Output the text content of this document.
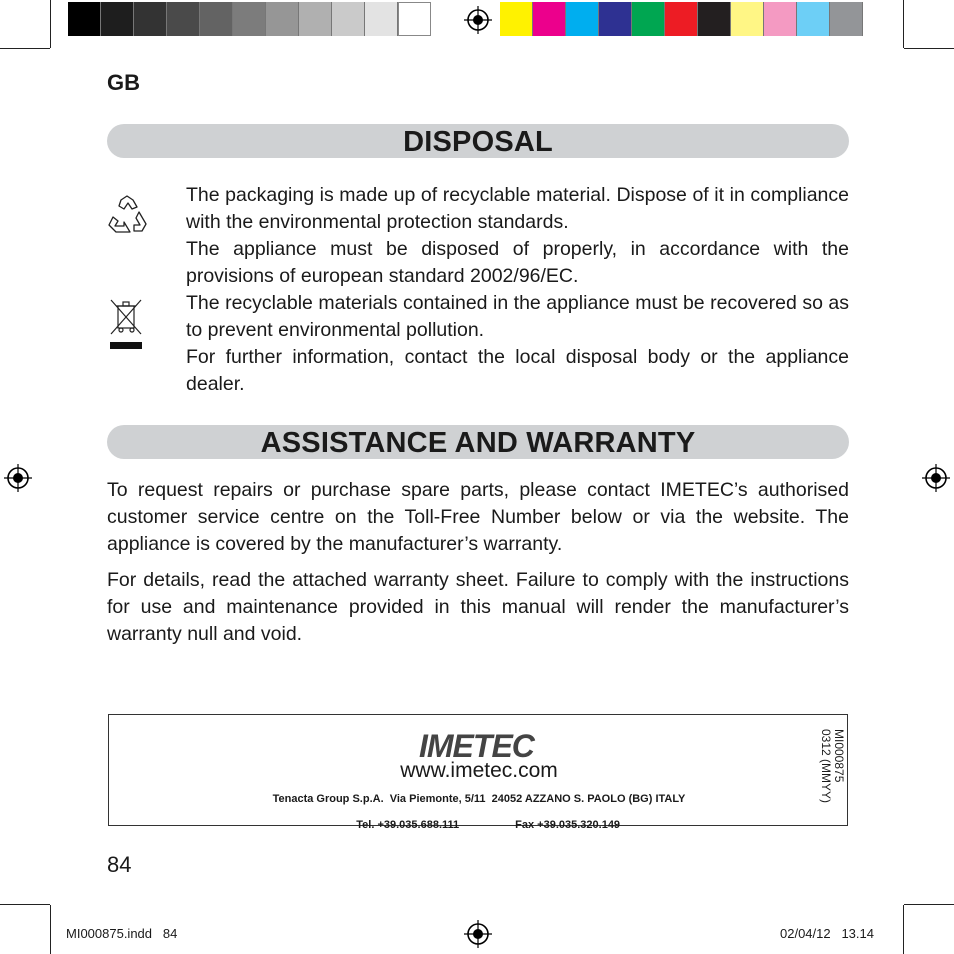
GB
DISPOSAL

The packaging is made up of recyclable material. Dispose of it in compliance with the environmental protection standards.

The appliance must be disposed of properly, in accordance with the provisions of european standard 2002/96/EC.

The recyclable materials contained in the appliance must be recovered so as to prevent environmental pollution.

For further information, contact the local disposal body or the appliance dealer.

ASSISTANCE AND WARRANTY

To request repairs or purchase spare parts, please contact IMETEC’s authorised customer service centre on the Toll-Free Number below or via the website. The appliance is covered by the manufacturer’s warranty.

For details, read the attached warranty sheet. Failure to comply with the instructions for use and maintenance provided in this manual will render the manufacturer’s warranty null and void.

IMETEC
www.imetec.com
Tenacta Group S.p.A.  Via Piemonte, 5/11  24052 AZZANO S. PAOLO (BG) ITALY

Tel. +39.035.688.111	Fax +39.035.320.149

MI000875
0312 (MMYY)
84
MI000875.indd   84	02/04/12   13.14
